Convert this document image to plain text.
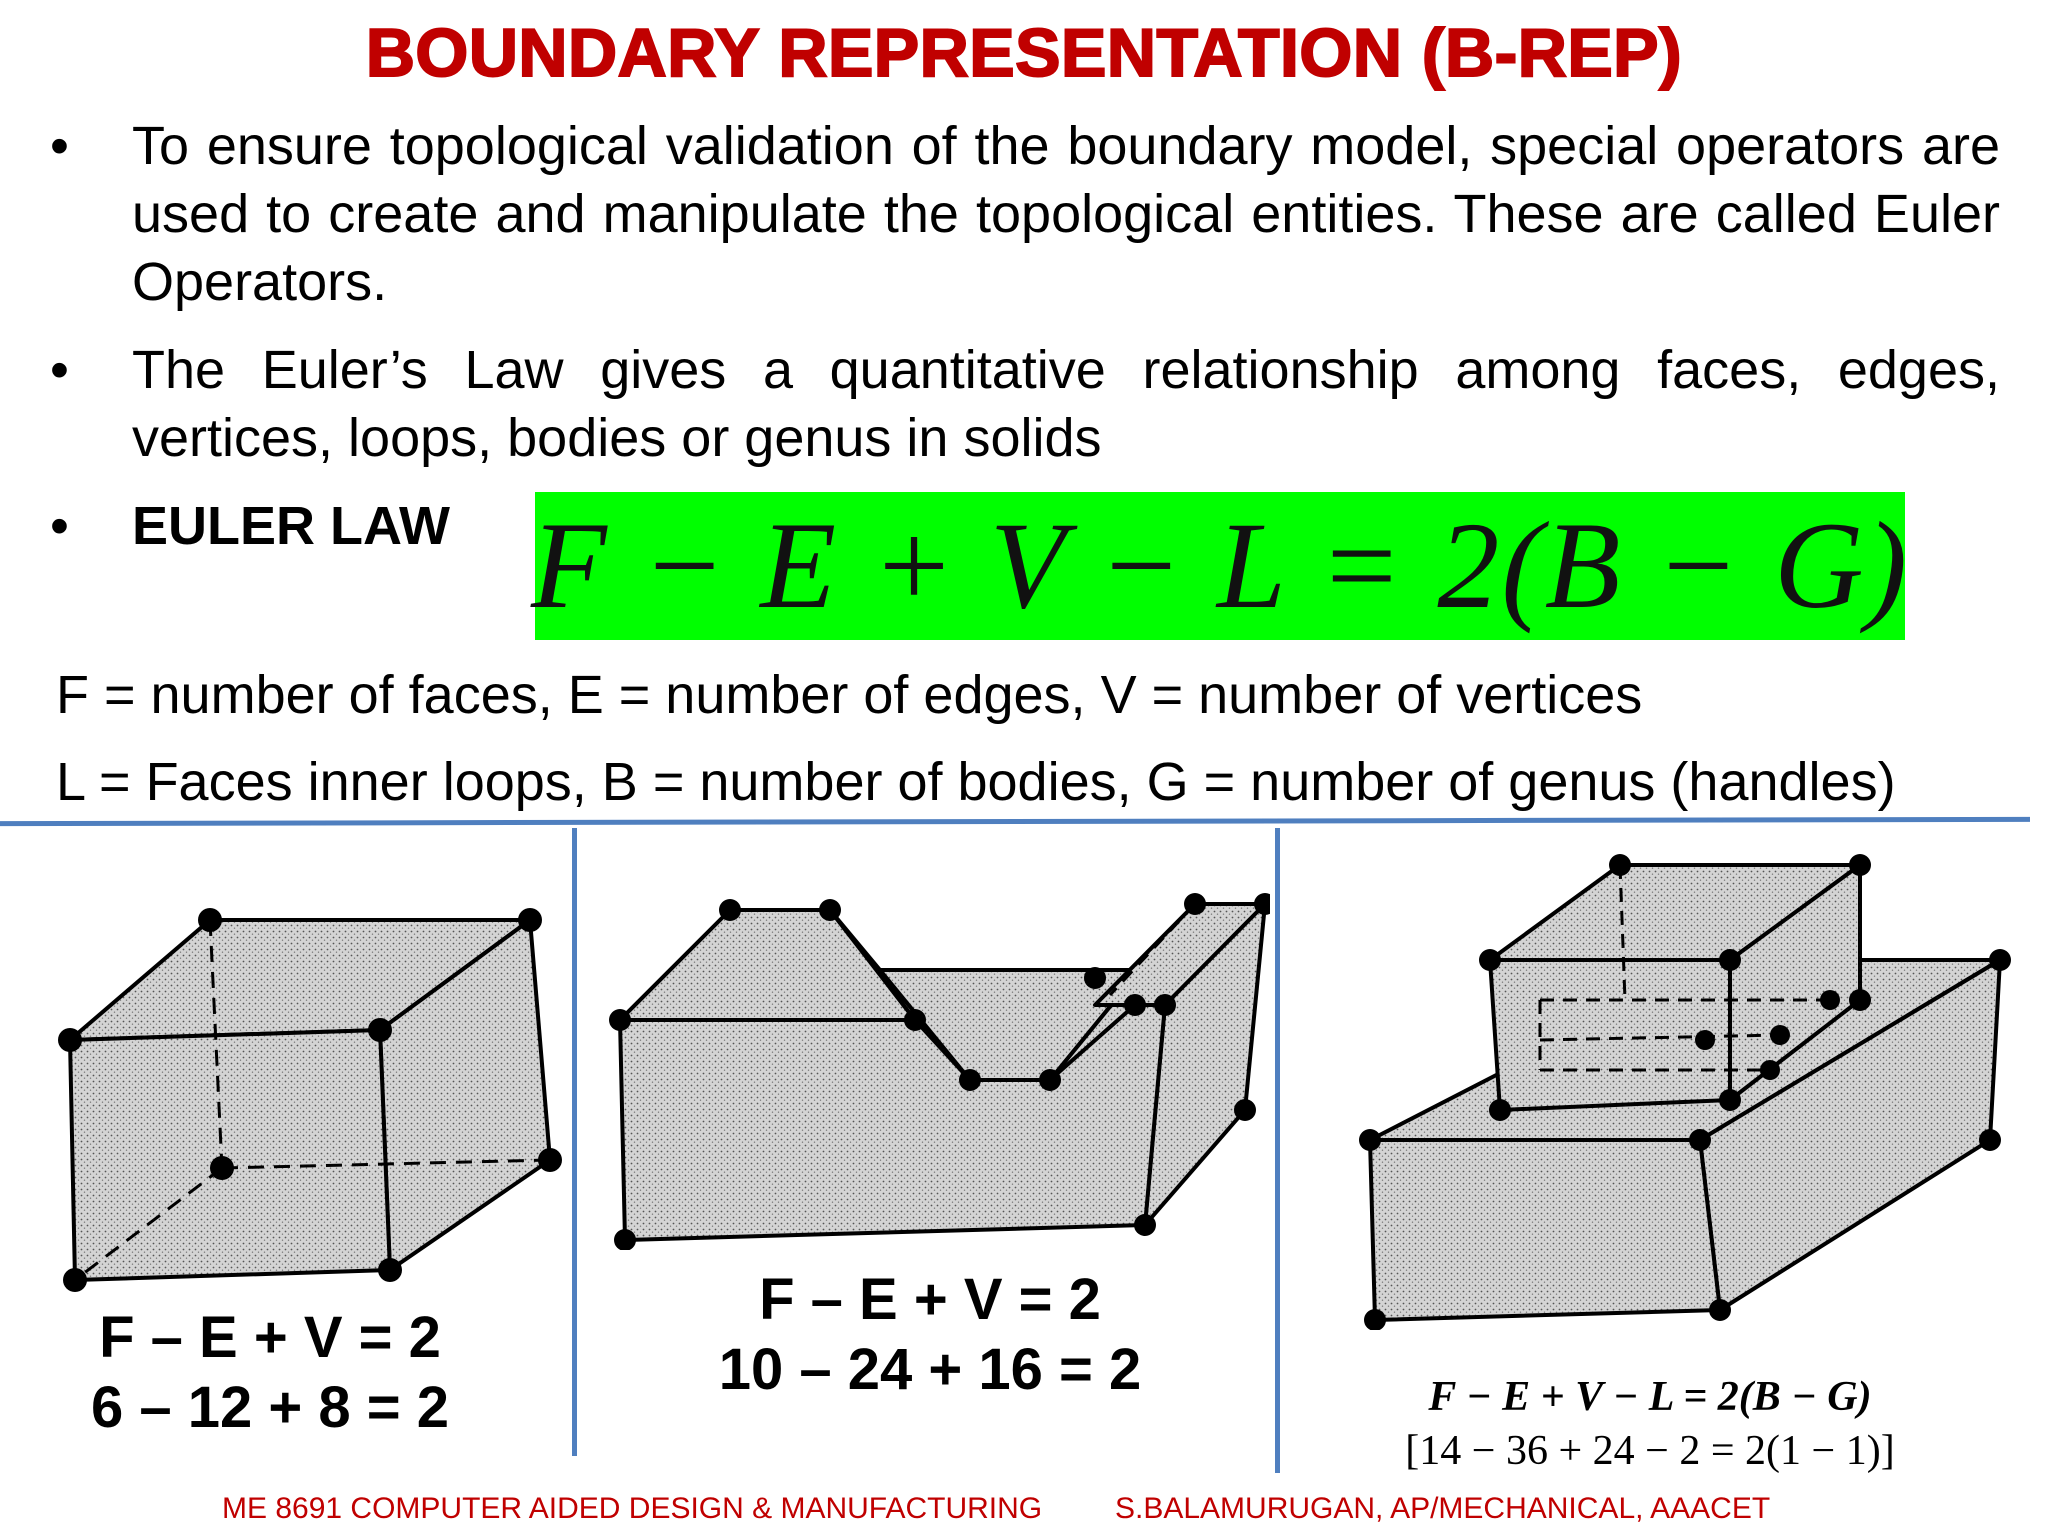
BOUNDARY REPRESENTATION (B-REP)
•	To ensure topological validation of the boundary model, special operators are used to create and manipulate the topological entities. These are called Euler Operators.
•	The Euler’s Law gives a quantitative relationship among faces, edges, vertices, loops, bodies or genus in solids
•	EULER LAW F − E + V − L = 2(B − G)
F = number of faces, E = number of edges, V = number of vertices
L = Faces inner loops, B = number of bodies, G = number of genus (handles)
F – E + V = 2
6 – 12 + 8 = 2
F – E + V = 2
10 – 24 + 16 = 2	F − E + V − L = 2(B − G)
[14 − 36 + 24 − 2 = 2(1 − 1)]
ME 8691 COMPUTER AIDED DESIGN & MANUFACTURING S.BALAMURUGAN, AP/MECHANICAL, AAACET
